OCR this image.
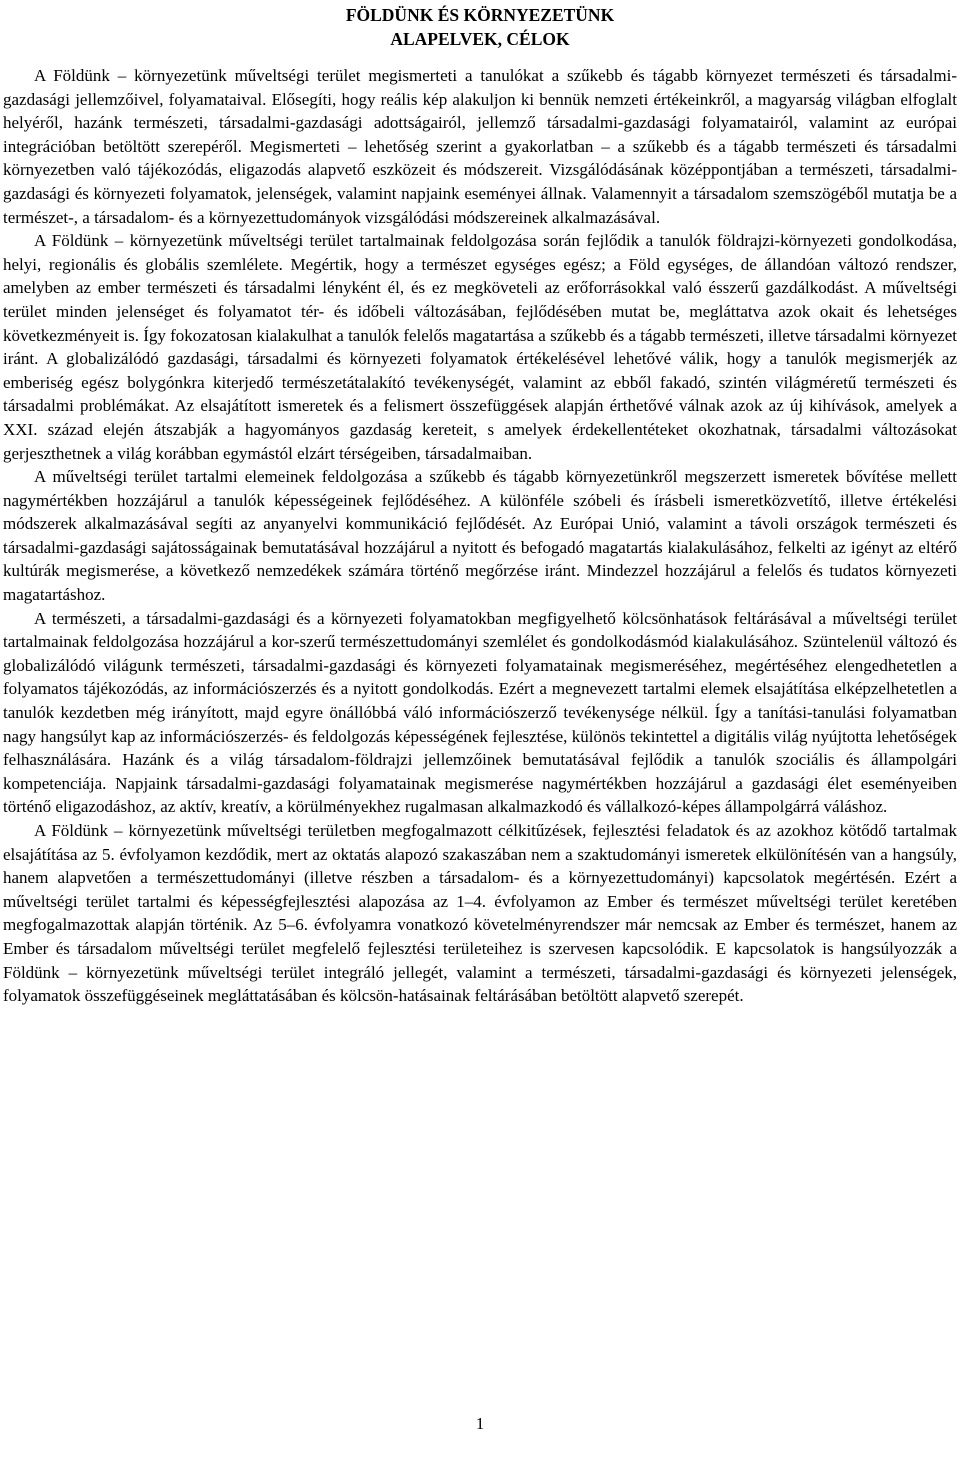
FÖLDÜNK ÉS KÖRNYEZETÜNK
ALAPELVEK, CÉLOK

A Földünk – környezetünk műveltségi terület megismerteti a tanulókat a szűkebb és tágabb környezet természeti és társadalmi-gazdasági jellemzőivel, folyamataival. Elősegíti, hogy reális kép alakuljon ki bennük nemzeti értékeinkről, a magyarság világban elfoglalt helyéről, hazánk természeti, társadalmi-gazdasági adottságairól, jellemző társadalmi-gazdasági folyamatairól, valamint az európai integrációban betöltött szerepéről. Megismerteti – lehetőség szerint a gyakorlatban – a szűkebb és a tágabb természeti és társadalmi környezetben való tájékozódás, eligazodás alapvető eszközeit és módszereit. Vizsgálódásának középpontjában a természeti, társadalmi-gazdasági és környezeti folyamatok, jelenségek, valamint napjaink eseményei állnak. Valamennyit a társadalom szemszögéből mutatja be a természet-, a társadalom- és a környezettudományok vizsgálódási módszereinek alkalmazásával.

A Földünk – környezetünk műveltségi terület tartalmainak feldolgozása során fejlődik a tanulók földrajzi-környezeti gondolkodása, helyi, regionális és globális szemlélete. Megértik, hogy a természet egységes egész; a Föld egységes, de állandóan változó rendszer, amelyben az ember természeti és társadalmi lényként él, és ez megköveteli az erőforrásokkal való ésszerű gazdálkodást. A műveltségi terület minden jelenséget és folyamatot tér- és időbeli változásában, fejlődésében mutat be, megláttatva azok okait és lehetséges következményeit is. Így fokozatosan kialakulhat a tanulók felelős magatartása a szűkebb és a tágabb természeti, illetve társadalmi környezet iránt. A globalizálódó gazdasági, társadalmi és környezeti folyamatok értékelésével lehetővé válik, hogy a tanulók megismerjék az emberiség egész bolygónkra kiterjedő természetátalakító tevékenységét, valamint az ebből fakadó, szintén világméretű természeti és társadalmi problémákat. Az elsajátított ismeretek és a felismert összefüggések alapján érthetővé válnak azok az új kihívások, amelyek a XXI. század elején átszabják a hagyományos gazdaság kereteit, s amelyek érdekellentéteket okozhatnak, társadalmi változásokat gerjeszthetnek a világ korábban egymástól elzárt térségeiben, társadalmaiban.

A műveltségi terület tartalmi elemeinek feldolgozása a szűkebb és tágabb környezetünkről megszerzett ismeretek bővítése mellett nagymértékben hozzájárul a tanulók képességeinek fejlődéséhez. A különféle szóbeli és írásbeli ismeretközvetítő, illetve értékelési módszerek alkalmazásával segíti az anyanyelvi kommunikáció fejlődését. Az Európai Unió, valamint a távoli országok természeti és társadalmi-gazdasági sajátosságainak bemutatásával hozzájárul a nyitott és befogadó magatartás kialakulásához, felkelti az igényt az eltérő kultúrák megismerése, a következő nemzedékek számára történő megőrzése iránt. Mindezzel hozzájárul a felelős és tudatos környezeti magatartáshoz.

A természeti, a társadalmi-gazdasági és a környezeti folyamatokban megfigyelhető kölcsönhatások feltárásával a műveltségi terület tartalmainak feldolgozása hozzájárul a kor-szerű természettudományi szemlélet és gondolkodásmód kialakulásához. Szüntelenül változó és globalizálódó világunk természeti, társadalmi-gazdasági és környezeti folyamatainak megismeréséhez, megértéséhez elengedhetetlen a folyamatos tájékozódás, az információszerzés és a nyitott gondolkodás. Ezért a megnevezett tartalmi elemek elsajátítása elképzelhetetlen a tanulók kezdetben még irányított, majd egyre önállóbbá váló információszerző tevékenysége nélkül. Így a tanítási-tanulási folyamatban nagy hangsúlyt kap az információszerzés- és feldolgozás képességének fejlesztése, különös tekintettel a digitális világ nyújtotta lehetőségek felhasználására. Hazánk és a világ társadalom-földrajzi jellemzőinek bemutatásával fejlődik a tanulók szociális és állampolgári kompetenciája. Napjaink társadalmi-gazdasági folyamatainak megismerése nagymértékben hozzájárul a gazdasági élet eseményeiben történő eligazodáshoz, az aktív, kreatív, a körülményekhez rugalmasan alkalmazkodó és vállalkozó-képes állampolgárrá váláshoz.

A Földünk – környezetünk műveltségi területben megfogalmazott célkitűzések, fejlesztési feladatok és az azokhoz kötődő tartalmak elsajátítása az 5. évfolyamon kezdődik, mert az oktatás alapozó szakaszában nem a szaktudományi ismeretek elkülönítésén van a hangsúly, hanem alapvetően a természettudományi (illetve részben a társadalom- és a környezettudományi) kapcsolatok megértésén. Ezért a műveltségi terület tartalmi és képességfejlesztési alapozása az 1–4. évfolyamon az Ember és természet műveltségi terület keretében megfogalmazottak alapján történik. Az 5–6. évfolyamra vonatkozó követelményrendszer már nemcsak az Ember és természet, hanem az Ember és társadalom műveltségi terület megfelelő fejlesztési területeihez is szervesen kapcsolódik. E kapcsolatok is hangsúlyozzák a Földünk – környezetünk műveltségi terület integráló jellegét, valamint a természeti, társadalmi-gazdasági és környezeti jelenségek, folyamatok összefüggéseinek megláttatásában és kölcsön-hatásainak feltárásában betöltött alapvető szerepét.

1
